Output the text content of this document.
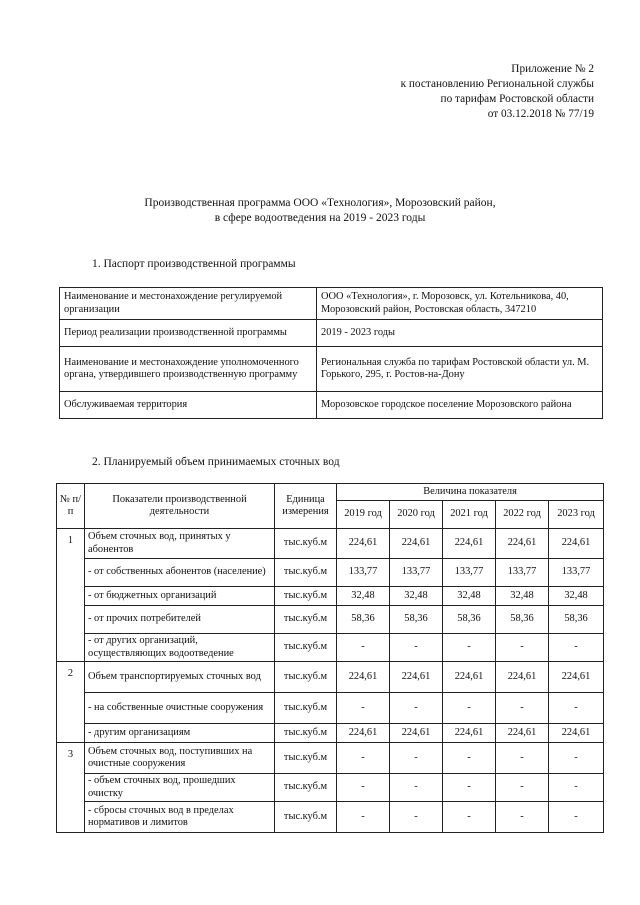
Приложение № 2
к постановлению Региональной службы
по тарифам Ростовской области
от 03.12.2018 № 77/19
Производственная программа ООО «Технология», Морозовский район,
в сфере водоотведения на 2019 - 2023 годы
1. Паспорт производственной программы
Наименование и местонахождение регулируемой организации	ООО «Технология», г. Морозовск, ул. Котельникова, 40, Морозовский район, Ростовская область, 347210
Период реализации производственной программы	2019 - 2023 годы
Наименование и местонахождение уполномоченного органа, утвердившего производственную программу	Региональная служба по тарифам Ростовской области ул. М. Горького, 295, г. Ростов-на-Дону
Обслуживаемая территория	Морозовское городское поселение Морозовского района
2. Планируемый объем принимаемых сточных вод
№ п/п	Показатели производственной деятельности	Единица измерения	Величина показателя				
			2019 год	2020 год	2021 год	2022 год	2023 год
1	Объем сточных вод, принятых у абонентов	тыс.куб.м	224,61	224,61	224,61	224,61	224,61
	- от собственных абонентов (население)	тыс.куб.м	133,77	133,77	133,77	133,77	133,77
	- от бюджетных организаций	тыс.куб.м	32,48	32,48	32,48	32,48	32,48
	- от прочих потребителей	тыс.куб.м	58,36	58,36	58,36	58,36	58,36
	- от других организаций, осуществляющих водоотведение	тыс.куб.м	-	-	-	-	-
2	Объем транспортируемых сточных вод	тыс.куб.м	224,61	224,61	224,61	224,61	224,61
	- на собственные очистные сооружения	тыс.куб.м	-	-	-	-	-
	- другим организациям	тыс.куб.м	224,61	224,61	224,61	224,61	224,61
3	Объем сточных вод, поступивших на очистные сооружения	тыс.куб.м	-	-	-	-	-
	- объем сточных вод, прошедших очистку	тыс.куб.м	-	-	-	-	-
	- сбросы сточных вод в пределах нормативов и лимитов	тыс.куб.м	-	-	-	-	-
